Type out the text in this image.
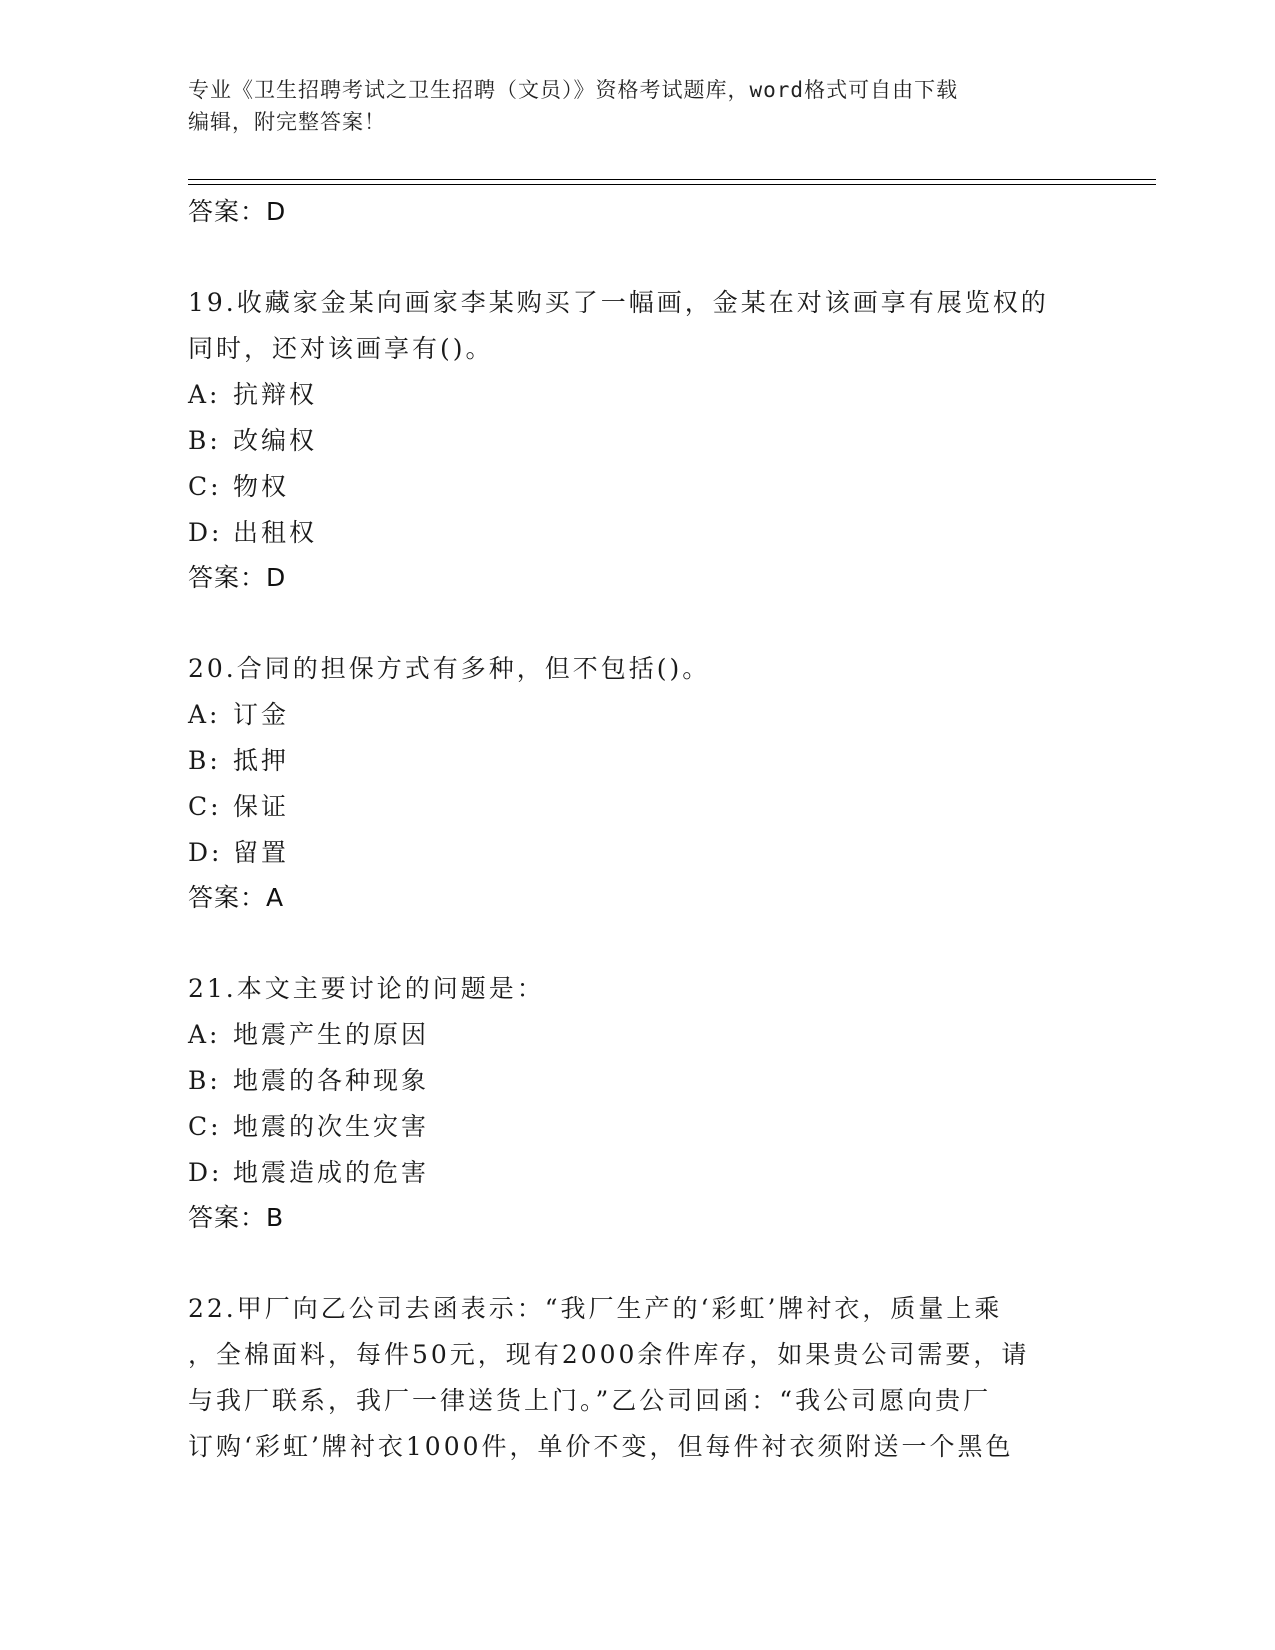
专业《卫生招聘考试之卫生招聘（文员）》资格考试题库，word格式可自由下载
编辑，附完整答案！
答案：D
19.收藏家金某向画家李某购买了一幅画，金某在对该画享有展览权的
同时，还对该画享有()。
A: 抗辩权
B: 改编权
C: 物权
D: 出租权
答案：D
20.合同的担保方式有多种，但不包括()。
A: 订金
B: 抵押
C: 保证
D: 留置
答案：A
21.本文主要讨论的问题是：
A: 地震产生的原因
B: 地震的各种现象
C: 地震的次生灾害
D: 地震造成的危害
答案：B
22.甲厂向乙公司去函表示：“我厂生产的‘彩虹’牌衬衣，质量上乘
，全棉面料，每件50元，现有2000余件库存，如果贵公司需要，请
与我厂联系，我厂一律送货上门。”乙公司回函：“我公司愿向贵厂
订购‘彩虹’牌衬衣1000件，单价不变，但每件衬衣须附送一个黑色
